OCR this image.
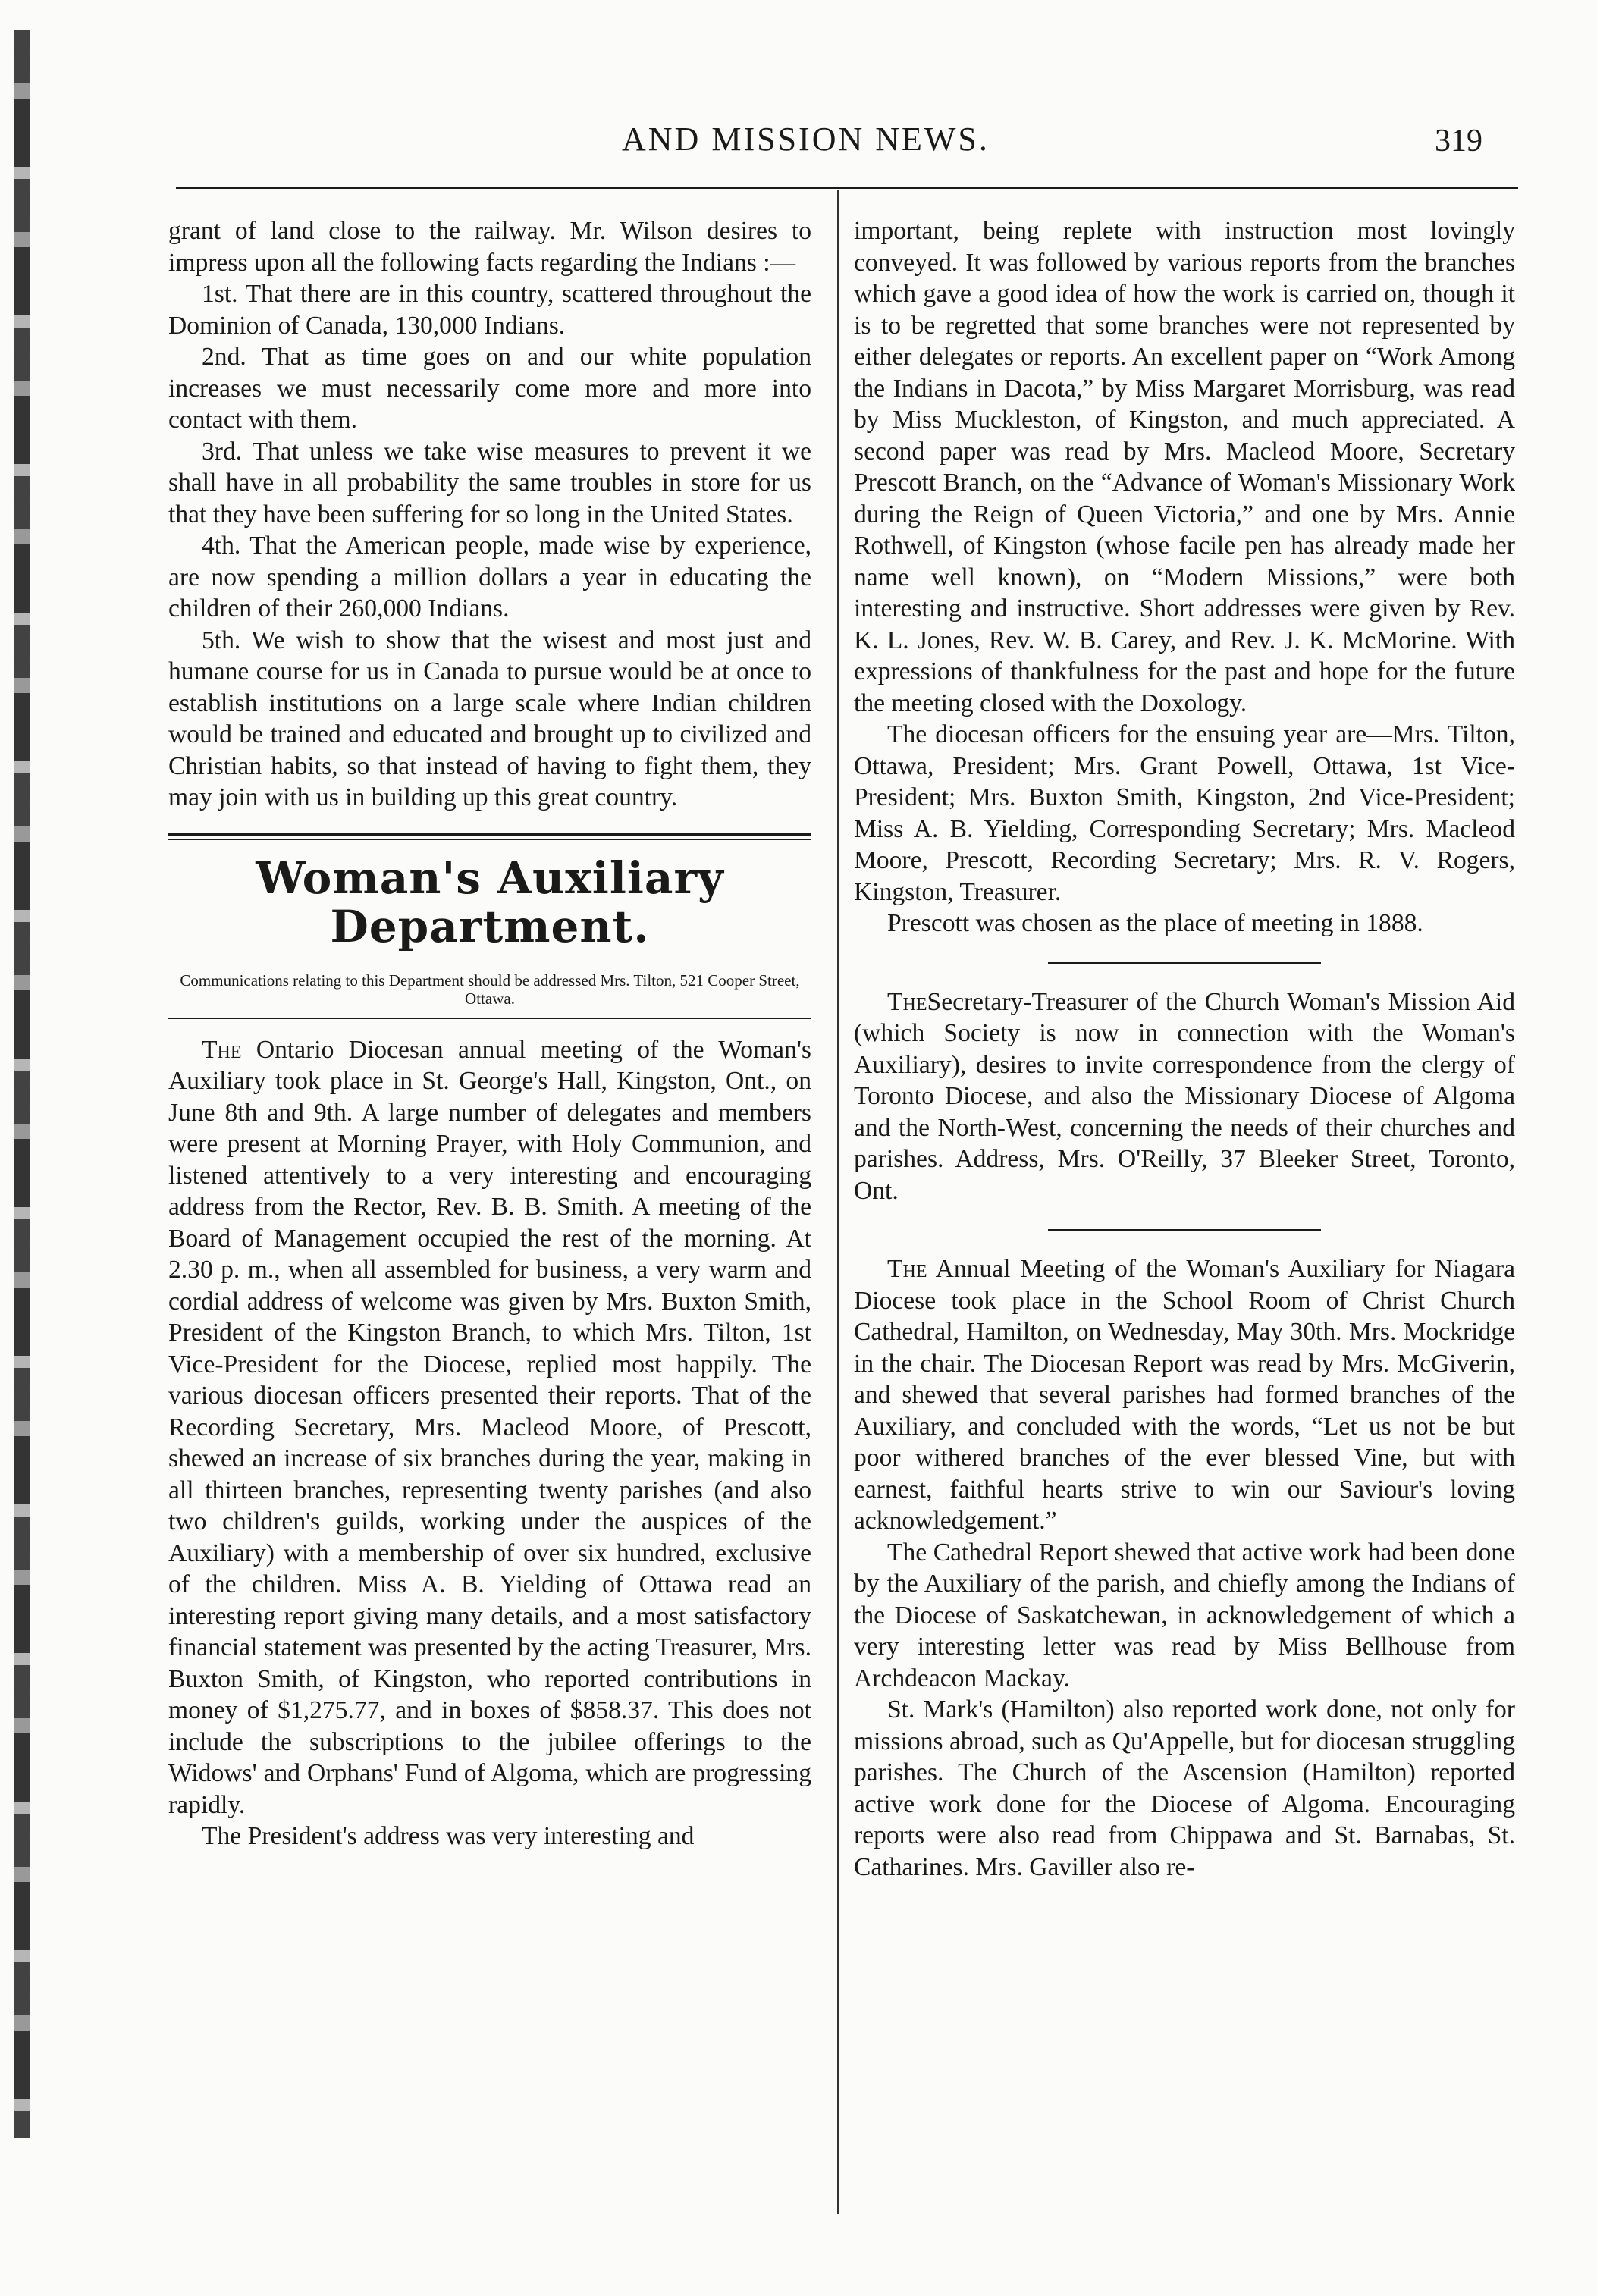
AND MISSION NEWS.	319

grant of land close to the railway. Mr. Wilson desires to impress upon all the following facts regarding the Indians :—

1st. That there are in this country, scattered throughout the Dominion of Canada, 130,000 Indians.

2nd. That as time goes on and our white population increases we must necessarily come more and more into contact with them.

3rd. That unless we take wise measures to prevent it we shall have in all probability the same troubles in store for us that they have been suffering for so long in the United States.

4th. That the American people, made wise by experience, are now spending a million dollars a year in educating the children of their 260,000 Indians.

5th. We wish to show that the wisest and most just and humane course for us in Canada to pursue would be at once to establish institutions on a large scale where Indian children would be trained and educated and brought up to civilized and Christian habits, so that instead of having to fight them, they may join with us in building up this great country.

Woman's Auxiliary Department.
Communications relating to this Department should be addressed Mrs. Tilton, 521 Cooper Street, Ottawa.

The Ontario Diocesan annual meeting of the Woman's Auxiliary took place in St. George's Hall, Kingston, Ont., on June 8th and 9th. A large number of delegates and members were present at Morning Prayer, with Holy Communion, and listened attentively to a very interesting and encouraging address from the Rector, Rev. B. B. Smith. A meeting of the Board of Management occupied the rest of the morning. At 2.30 p. m., when all assembled for business, a very warm and cordial address of welcome was given by Mrs. Buxton Smith, President of the Kingston Branch, to which Mrs. Tilton, 1st Vice-President for the Diocese, replied most happily. The various diocesan officers presented their reports. That of the Recording Secretary, Mrs. Macleod Moore, of Prescott, shewed an increase of six branches during the year, making in all thirteen branches, representing twenty parishes (and also two children's guilds, working under the auspices of the Auxiliary) with a membership of over six hundred, exclusive of the children. Miss A. B. Yielding of Ottawa read an interesting report giving many details, and a most satisfactory financial statement was presented by the acting Treasurer, Mrs. Buxton Smith, of Kingston, who reported contributions in money of $1,275.77, and in boxes of $858.37. This does not include the subscriptions to the jubilee offerings to the Widows' and Orphans' Fund of Algoma, which are progressing rapidly.

The President's address was very interesting and

important, being replete with instruction most lovingly conveyed. It was followed by various reports from the branches which gave a good idea of how the work is carried on, though it is to be regretted that some branches were not represented by either delegates or reports. An excellent paper on “Work Among the Indians in Dacota,” by Miss Margaret Morrisburg, was read by Miss Muckleston, of Kingston, and much appreciated. A second paper was read by Mrs. Macleod Moore, Secretary Prescott Branch, on the “Advance of Woman's Missionary Work during the Reign of Queen Victoria,” and one by Mrs. Annie Rothwell, of Kingston (whose facile pen has already made her name well known), on “Modern Missions,” were both interesting and instructive. Short addresses were given by Rev. K. L. Jones, Rev. W. B. Carey, and Rev. J. K. McMorine. With expressions of thankfulness for the past and hope for the future the meeting closed with the Doxology.

The diocesan officers for the ensuing year are—Mrs. Tilton, Ottawa, President; Mrs. Grant Powell, Ottawa, 1st Vice-President; Mrs. Buxton Smith, Kingston, 2nd Vice-President; Miss A. B. Yielding, Corresponding Secretary; Mrs. Macleod Moore, Prescott, Recording Secretary; Mrs. R. V. Rogers, Kingston, Treasurer.

Prescott was chosen as the place of meeting in 1888.

TheSecretary-Treasurer of the Church Woman's Mission Aid (which Society is now in connection with the Woman's Auxiliary), desires to invite correspondence from the clergy of Toronto Diocese, and also the Missionary Diocese of Algoma and the North-West, concerning the needs of their churches and parishes. Address, Mrs. O'Reilly, 37 Bleeker Street, Toronto, Ont.

The Annual Meeting of the Woman's Auxiliary for Niagara Diocese took place in the School Room of Christ Church Cathedral, Hamilton, on Wednesday, May 30th. Mrs. Mockridge in the chair. The Diocesan Report was read by Mrs. McGiverin, and shewed that several parishes had formed branches of the Auxiliary, and concluded with the words, “Let us not be but poor withered branches of the ever blessed Vine, but with earnest, faithful hearts strive to win our Saviour's loving acknowledgement.”

The Cathedral Report shewed that active work had been done by the Auxiliary of the parish, and chiefly among the Indians of the Diocese of Saskatchewan, in acknowledgement of which a very interesting letter was read by Miss Bellhouse from Archdeacon Mackay.

St. Mark's (Hamilton) also reported work done, not only for missions abroad, such as Qu'Appelle, but for diocesan struggling parishes. The Church of the Ascension (Hamilton) reported active work done for the Diocese of Algoma. Encouraging reports were also read from Chippawa and St. Barnabas, St. Catharines. Mrs. Gaviller also re-
